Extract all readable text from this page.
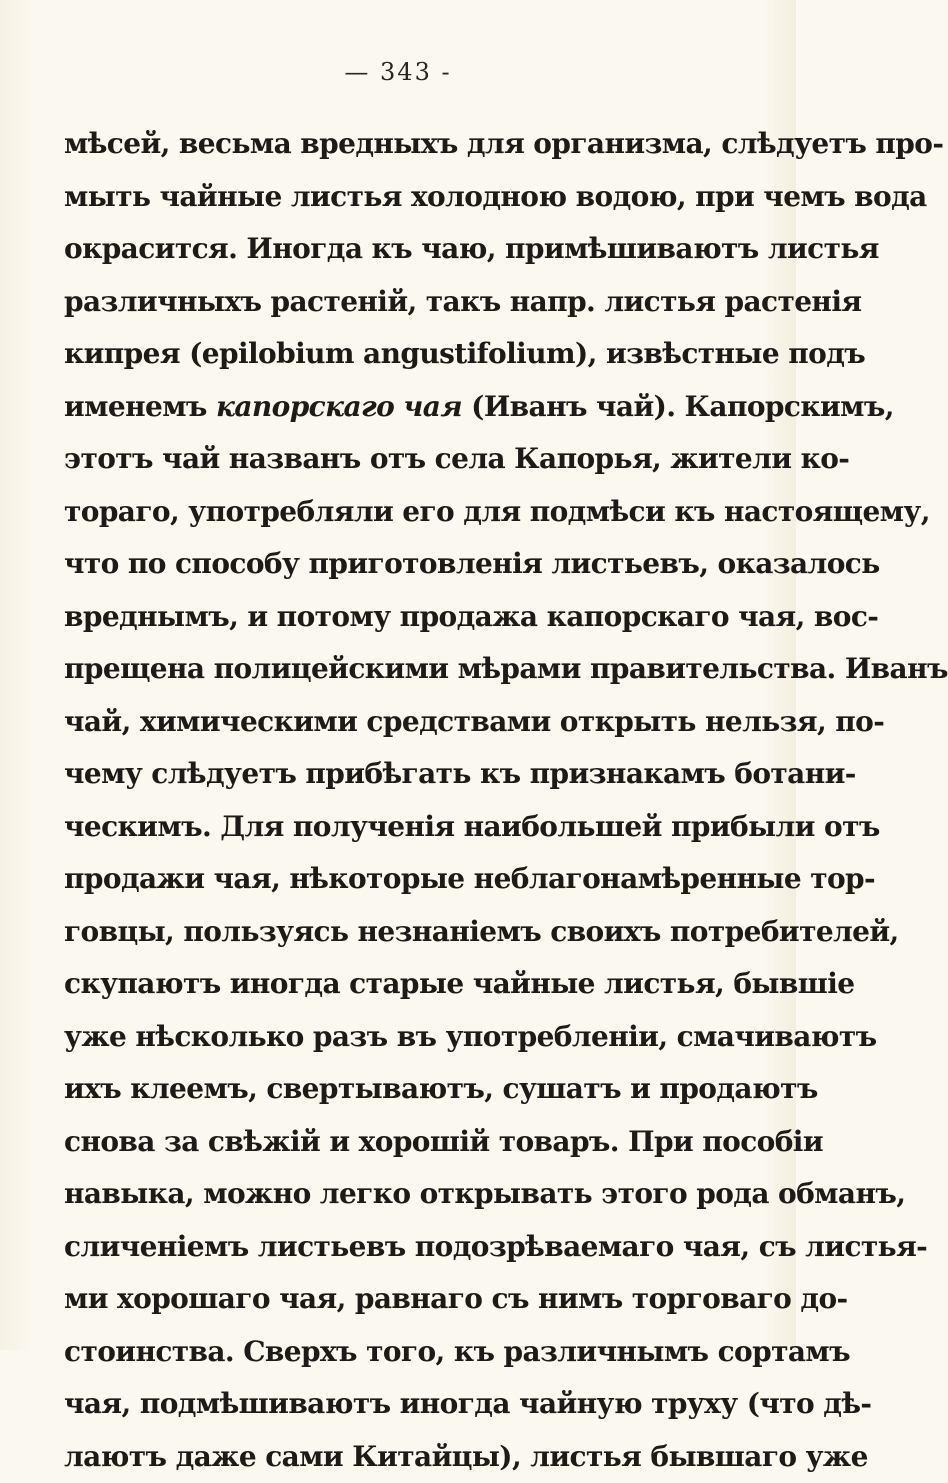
— 343 -
мѣсей, весьма вредныхъ для организма, слѣдуетъ про-
мыть чайные листья холодною водою, при чемъ вода
окрасится. Иногда къ чаю, примѣшиваютъ листья
различныхъ растеній, такъ напр. листья растенія
кипрея (epilobium angustifolium), извѣстные подъ
именемъ капорскаго чая (Иванъ чай). Капорскимъ,
этотъ чай названъ отъ села Капорья, жители ко-
тораго, употребляли его для подмѣси къ настоящему,
что по способу приготовленія листьевъ, оказалось
вреднымъ, и потому продажа капорскаго чая, вос-
прещена полицейскими мѣрами правительства. Иванъ
чай, химическими средствами открыть нельзя, по-
чему слѣдуетъ прибѣгать къ признакамъ ботани-
ческимъ. Для полученія наибольшей прибыли отъ
продажи чая, нѣкоторые неблагонамѣренные тор-
говцы, пользуясь незнаніемъ своихъ потребителей,
скупаютъ иногда старые чайные листья, бывшіе
уже нѣсколько разъ въ употребленіи, смачиваютъ
ихъ клеемъ, свертываютъ, сушатъ и продаютъ
снова за свѣжій и хорошій товаръ. При пособіи
навыка, можно легко открывать этого рода обманъ,
сличеніемъ листьевъ подозрѣваемаго чая, съ листья-
ми хорошаго чая, равнаго съ нимъ торговаго до-
стоинства. Сверхъ того, къ различнымъ сортамъ
чая, подмѣшиваютъ иногда чайную труху (что дѣ-
лаютъ даже сами Китайцы), листья бывшаго уже
